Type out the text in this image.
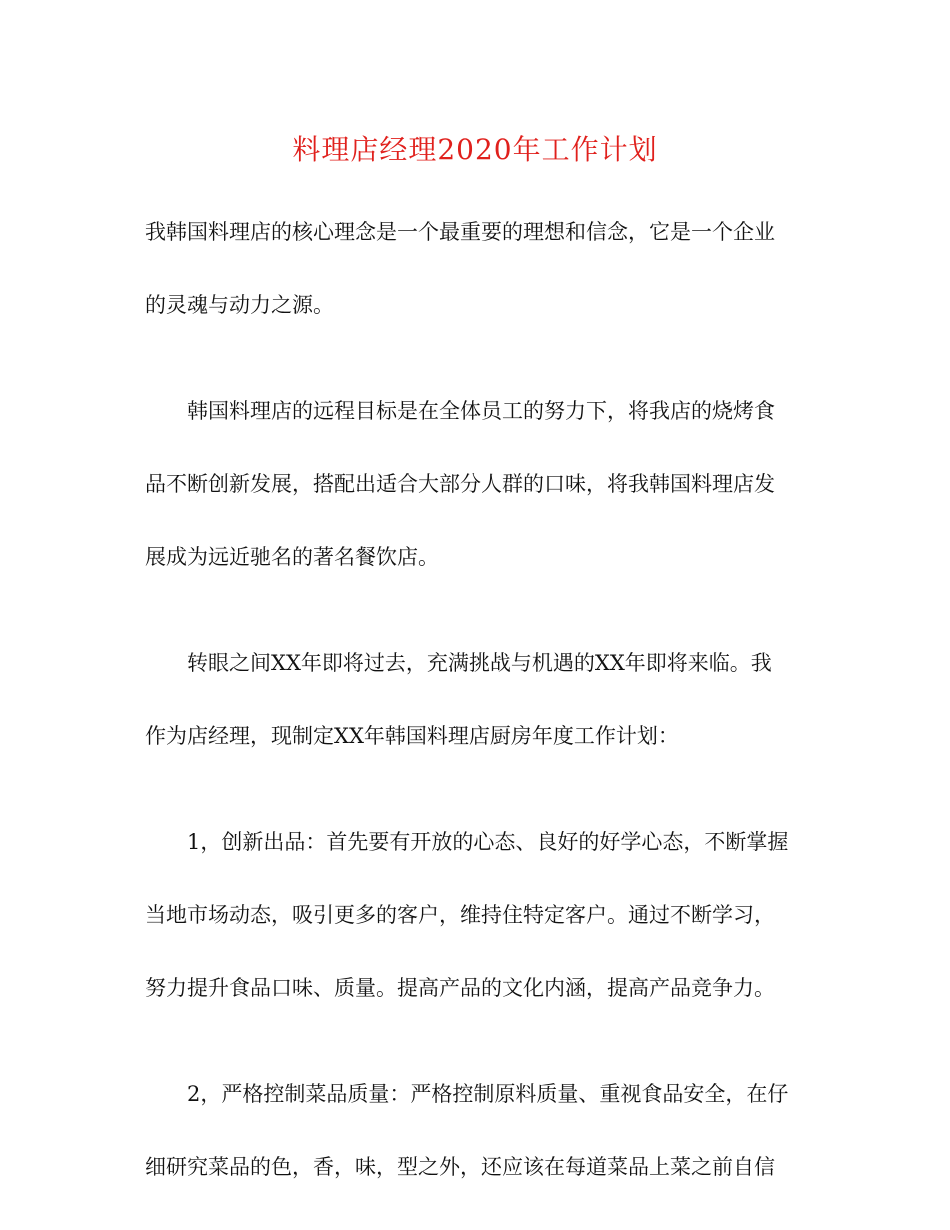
料理店经理2020年工作计划
我韩国料理店的核心理念是一个最重要的理想和信念，它是一个企业
的灵魂与动力之源。
韩国料理店的远程目标是在全体员工的努力下，将我店的烧烤食
品不断创新发展，搭配出适合大部分人群的口味，将我韩国料理店发
展成为远近驰名的著名餐饮店。
转眼之间XX年即将过去，充满挑战与机遇的XX年即将来临。我
作为店经理，现制定XX年韩国料理店厨房年度工作计划：
1，创新出品：首先要有开放的心态、良好的好学心态，不断掌握
当地市场动态，吸引更多的客户，维持住特定客户。通过不断学习，
努力提升食品口味、质量。提高产品的文化内涵，提高产品竞争力。
2，严格控制菜品质量：严格控制原料质量、重视食品安全，在仔
细研究菜品的色，香，味，型之外，还应该在每道菜品上菜之前自信
